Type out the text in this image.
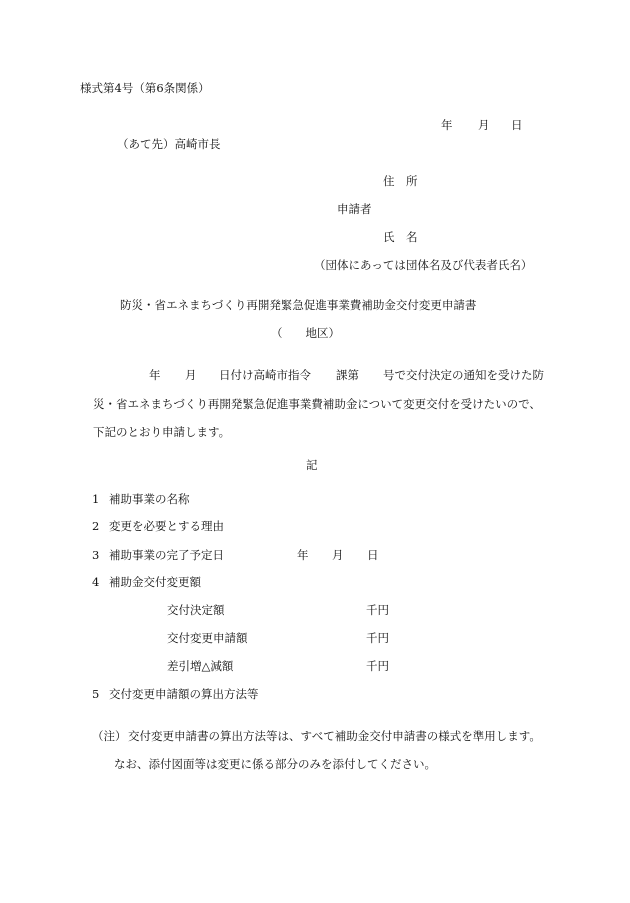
様式第4号（第6条関係）
年 月 日
（あて先）高崎市長
住　所
申請者
氏　名
（団体にあっては団体名及び代表者氏名）
防災・省エネまちづくり再開発緊急促進事業費補助金交付変更申請書
（　　地区）
年 月 日付け高崎市指令 課第 号で交付決定の通知を受けた防
災・省エネまちづくり再開発緊急促進事業費補助金について変更交付を受けたいので、
下記のとおり申請します。
記
1 補助事業の名称
2 変更を必要とする理由
3 補助事業の完了予定日	年 月 日
4 補助金交付変更額
交付決定額	千円
交付変更申請額	千円
差引増△減額	千円
5 交付変更申請額の算出方法等
（注） 交付変更申請書の算出方法等は、すべて補助金交付申請書の様式を準用します。
なお、添付図面等は変更に係る部分のみを添付してください。
